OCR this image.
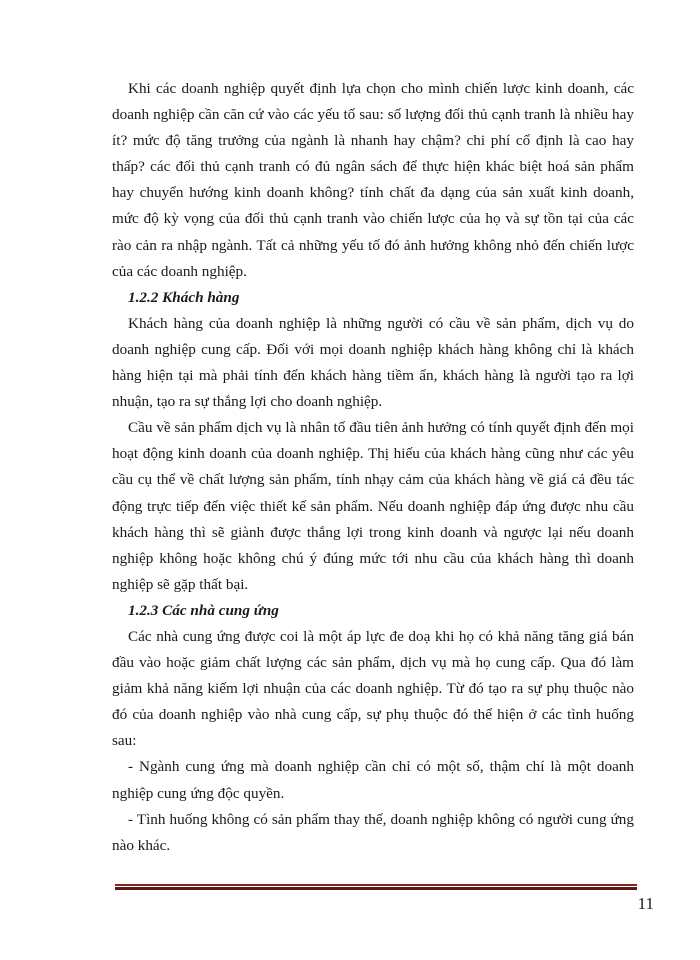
Khi các doanh nghiệp quyết định lựa chọn cho mình chiến lược kinh doanh, các doanh nghiệp cần căn cứ vào các yếu tố sau: số lượng đối thủ cạnh tranh là nhiều hay ít? mức độ tăng trưởng của ngành là nhanh hay chậm? chi phí cố định là cao hay thấp? các đối thủ cạnh tranh có đủ ngân sách để thực hiện khác biệt hoá sản phẩm hay chuyển hướng kinh doanh không? tính chất đa dạng của sản xuất kinh doanh, mức độ kỳ vọng của đối thủ cạnh tranh vào chiến lược của họ và sự tồn tại của các rào cản ra nhập ngành. Tất cả những yếu tố đó ảnh hưởng không nhỏ đến chiến lược của các doanh nghiệp.

1.2.2 Khách hàng

Khách hàng của doanh nghiệp là những người có cầu về sản phẩm, dịch vụ do doanh nghiệp cung cấp. Đối với mọi doanh nghiệp khách hàng không chỉ là khách hàng hiện tại mà phải tính đến khách hàng tiềm ẩn, khách hàng là người tạo ra lợi nhuận, tạo ra sự thắng lợi cho doanh nghiệp.

Cầu về sản phẩm dịch vụ là nhân tố đầu tiên ảnh hưởng có tính quyết định đến mọi hoạt động kinh doanh của doanh nghiệp. Thị hiếu của khách hàng cũng như các yêu cầu cụ thể về chất lượng sản phẩm, tính nhạy cảm của khách hàng về giá cả đều tác động trực tiếp đến việc thiết kế sản phẩm. Nếu doanh nghiệp đáp ứng được nhu cầu khách hàng thì sẽ giành được thắng lợi trong kinh doanh và ngược lại nếu doanh nghiệp không hoặc không chú ý đúng mức tới nhu cầu của khách hàng thì doanh nghiệp sẽ gặp thất bại.

1.2.3 Các nhà cung ứng

Các nhà cung ứng được coi là một áp lực đe doạ khi họ có khả năng tăng giá bán đầu vào hoặc giảm chất lượng các sản phẩm, dịch vụ mà họ cung cấp. Qua đó làm giảm khả năng kiếm lợi nhuận của các doanh nghiệp. Từ đó tạo ra sự phụ thuộc nào đó của doanh nghiệp vào nhà cung cấp, sự phụ thuộc đó thể hiện ở các tình huống sau:

- Ngành cung ứng mà doanh nghiệp cần chỉ có một số, thậm chí là một doanh nghiệp cung ứng độc quyền.

- Tình huống không có sản phẩm thay thế, doanh nghiệp không có người cung ứng nào khác.

11
